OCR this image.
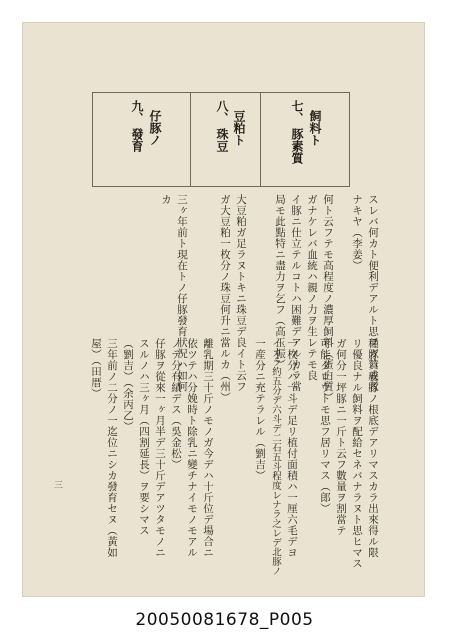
七、 飼料ト
豚素質
八、 豆粕ト
珠豆
九、 仔豚ノ
發育
スレバ何カト便利デアルト思フガ贊成者
ナキヤ（李姜）
何ト云フテモ高程度ノ濃厚飼料（蛋白質）
ガナケレバ血統ハ親ノ力ヲ生レテモ良
イ豚ニ仕立テルコトハ困難デアルカラ當
局モ此點特ニ盡力ヲ乞フ（高玉振）
大豆粕ガ足ラヌトキニ珠豆デ良イト云フ
ガ大豆粕一枚分ノ珠豆何升ニ當ルカ（州）
三ヶ年前ト現在トノ仔豚發育狀況ハ如何
カ
種豚ハ養豚ノ根底デアリマスカラ出來得ル限
リ優良ナル飼料ヲ配給セネバナラヌト思ヒマス
ガ何分一坪豚ニ一斤ト云フ數量ヲ割當テ
可能ダロウトモ思フ居リマス（郎）
一枚分ハ一斗デ足リ植付面積ハ一厘六毛デヨ
イカラ約五分デ六斗デ二石五斗程度レナラ之レデ北豚ノ
一産分ニ充テラレル（劉吉）
離乳期三十斤ノモノガ今デハ十斤位デ場合ニ
依ツテハ分娩時ト除乳ニ變チナイモノモアル
ノデ分有績デス（吳金松）
仔豚ヲ從來一ヶ月半デ三十斤デアツタモノニ
スルノハ三ヶ月（四割延長）ヲ要シマス
（劉吉）（余丙乙）
三年前ノ二分ノ一迄位ニシカ發育セヌ（黃如
屋）（田厝）
三
20050081678_P005
